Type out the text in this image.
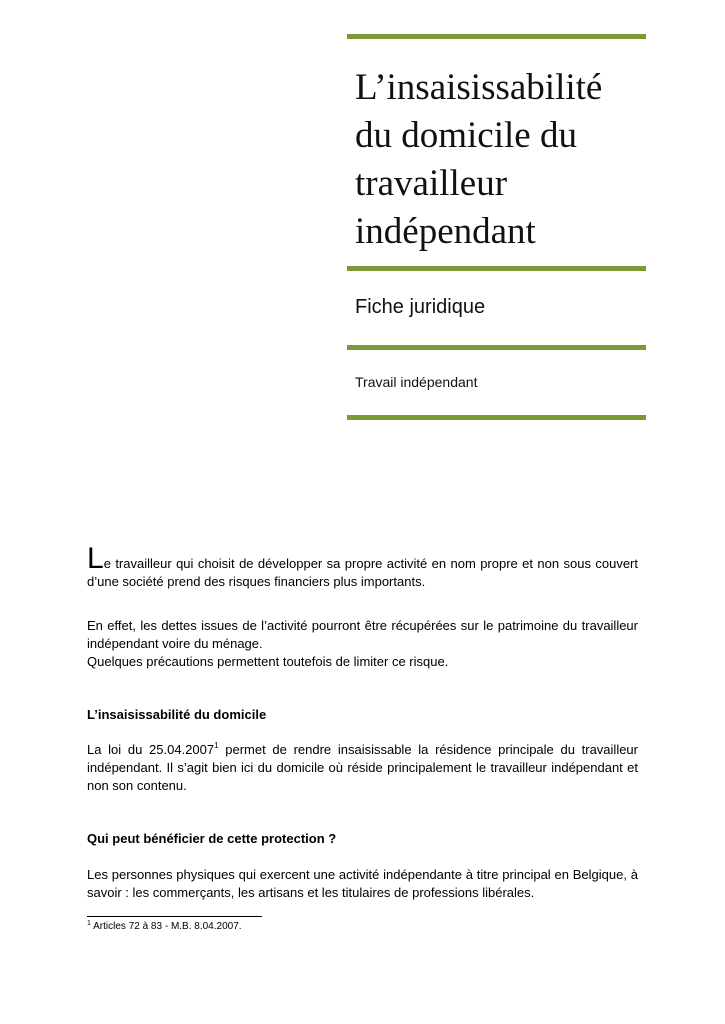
L’insaisissabilité
du domicile du
travailleur
indépendant

Fiche juridique

Travail indépendant

Le travailleur qui choisit de développer sa propre activité en nom propre et non sous couvert d’une société prend des risques financiers plus importants.

En effet, les dettes issues de l’activité pourront être récupérées sur le patrimoine du travailleur indépendant voire du ménage.
Quelques précautions permettent toutefois de limiter ce risque.

L’insaisissabilité du domicile

La loi du 25.04.2007$^1$ permet de rendre insaisissable la résidence principale du travailleur indépendant. Il s’agit bien ici du domicile où réside principalement le travailleur indépendant et non son contenu.

Qui peut bénéficier de cette protection ?

Les personnes physiques qui exercent une activité indépendante à titre principal en Belgique, à savoir : les commerçants, les artisans et les titulaires de professions libérales.

$^1$ Articles 72 à 83 - M.B. 8.04.2007.
